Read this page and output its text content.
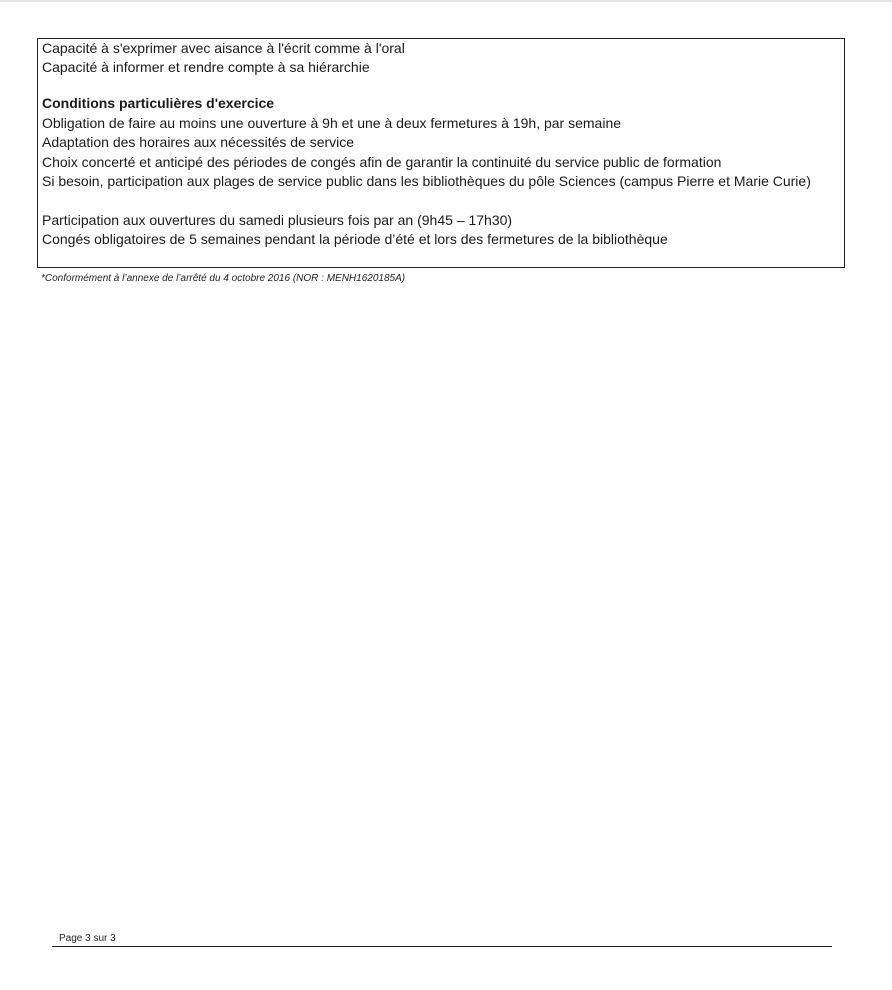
Capacité à s'exprimer avec aisance à l'écrit comme à l'oral
Capacité à informer et rendre compte à sa hiérarchie
Conditions particulières d'exercice
Obligation de faire au moins une ouverture à 9h et une à deux fermetures à 19h, par semaine
Adaptation des horaires aux nécessités de service
Choix concerté et anticipé des périodes de congés afin de garantir la continuité du service public de formation
Si besoin, participation aux plages de service public dans les bibliothèques du pôle Sciences (campus Pierre et Marie Curie)
Participation aux ouvertures du samedi plusieurs fois par an (9h45 – 17h30)
Congés obligatoires de 5 semaines pendant la période d’été et lors des fermetures de la bibliothèque
*Conformément à l’annexe de l’arrêté du 4 octobre 2016 (NOR : MENH1620185A)
Page 3 sur 3
